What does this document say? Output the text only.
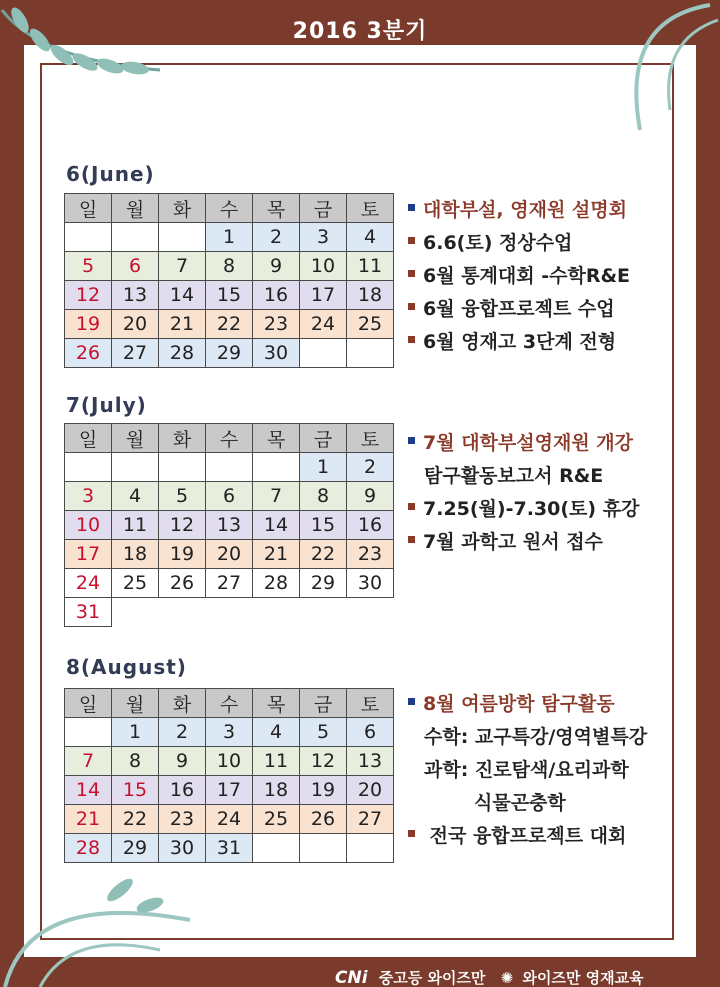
2016 3분기
6(June)
일	월	화	수	목	금	토
			1	2	3	4
5	6	7	8	9	10	11
12	13	14	15	16	17	18
19	20	21	22	23	24	25
26	27	28	29	30		
대학부설, 영재원 설명회
6.6(토) 정상수업
6월 통계대회 -수학R&E
6월 융합프로젝트 수업
6월 영재고 3단계 전형
7(July)
일	월	화	수	목	금	토
					1	2
3	4	5	6	7	8	9
10	11	12	13	14	15	16
17	18	19	20	21	22	23
24	25	26	27	28	29	30
31						
7월 대학부설영재원 개강
탐구활동보고서 R&E
7.25(월)-7.30(토) 휴강
7월 과학고 원서 접수
8(August)
일	월	화	수	목	금	토
	1	2	3	4	5	6
7	8	9	10	11	12	13
14	15	16	17	18	19	20
21	22	23	24	25	26	27
28	29	30	31			
8월 여름방학 탐구활동
수학: 교구특강/영역별특강
과학: 진로탐색/요리과학
식물곤충학
전국 융합프로젝트 대회
CNi 중고등 와이즈만 ✺ 와이즈만 영재교육
